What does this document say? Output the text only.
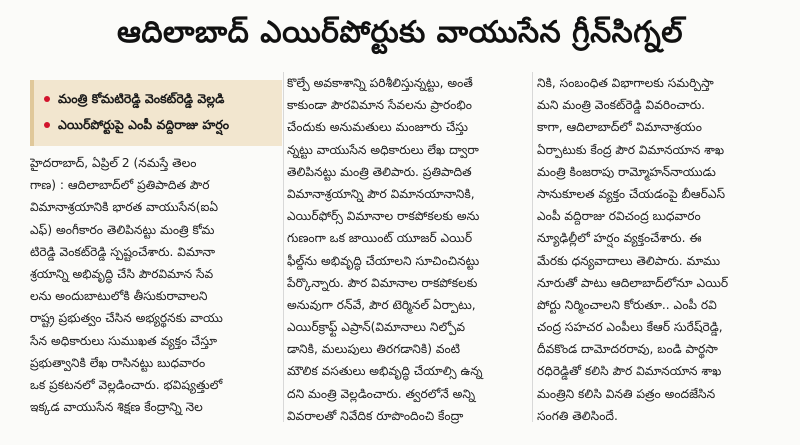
ఆదిలాబాద్ ఎయిర్‌పోర్టుకు వాయుసేన గ్రీన్‌సిగ్నల్
మంత్రి కోమటిరెడ్డి వెంకట్‌రెడ్డి వెల్లడి
ఎయిర్‌పోర్టుపై ఎంపీ వద్దిరాజు హర్షం
హైదరాబాద్, ఏప్రిల్ 2 (నమస్తే తెలం
గాణ) : ఆదిలాబాద్‌లో ప్రతిపాదిత పౌర
విమానాశ్రయానికి భారత వాయుసేన(ఐఏ
ఎఫ్) అంగీకారం తెలిపినట్టు మంత్రి కోమ
టిరెడ్డి వెంకట్‌రెడ్డి స్పష్టంచేశారు. విమానా
శ్రయాన్ని అభివృద్ధి చేసి పౌరవిమాన సేవ
లను అందుబాటులోకి తీసుకురావాలని
రాష్ట్ర ప్రభుత్వం చేసిన అభ్యర్థనకు వాయు
సేన అధికారులు సుముఖత వ్యక్తం చేస్తూ
ప్రభుత్వానికి లేఖ రాసినట్టు బుధవారం
ఒక ప్రకటనలో వెల్లడించారు. భవిష్యత్తులో
ఇక్కడ వాయుసేన శిక్షణ కేంద్రాన్ని నెల
కొల్పే అవకాశాన్ని పరిశీలిస్తున్నట్టు, అంతే
కాకుండా పౌరవిమాన సేవలను ప్రారంభిం
చేందుకు అనుమతులు మంజూరు చేస్తు
న్నట్టు వాయుసేన అధికారులు లేఖ ద్వారా
తెలిపినట్టు మంత్రి తెలిపారు. ప్రతిపాదిత
విమానాశ్రయాన్ని పౌర విమానయానానికి,
ఎయిర్‌ఫోర్స్ విమానాల రాకపోకలకు అను
గుణంగా ఒక జాయింట్ యూజర్ ఎయిర్
ఫీల్డ్‌ను అభివృద్ధి చేయాలని సూచించినట్టు
పేర్కొన్నారు. పౌర విమానాల రాకపోకలకు
అనువుగా రన్‌వే, పౌర టెర్మినల్ ఏర్పాటు,
ఎయిర్‌క్రాఫ్ట్ ఎప్రాన్(విమానాలు నిల్పోవ
డానికి, మలుపులు తిరగడానికి) వంటి
మౌలిక వసతులు అభివృద్ధి చేయాల్సి ఉన్న
దని మంత్రి వెల్లడించారు. త్వరలోనే అన్ని
వివరాలతో నివేదిక రూపొందించి కేంద్రా
నికి, సంబంధిత విభాగాలకు సమర్పిస్తా
మని మంత్రి వెంకట్‌రెడ్డి వివరించారు.
కాగా, ఆదిలాబాద్‌లో విమానాశ్రయం
ఏర్పాటుకు కేంద్ర పౌర విమానయాన శాఖ
మంత్రి కింజరాపు రామ్మోహన్‌నాయుడు
సానుకూలత వ్యక్తం చేయడంపై బీఆర్‌ఎస్
ఎంపీ వద్దిరాజు రవిచంద్ర బుధవారం
న్యూఢిల్లీలో హర్షం వ్యక్తంచేశారు. ఈ
మేరకు ధన్యవాదాలు తెలిపారు. మాము
నూరుతో పాటు ఆదిలాబాద్‌లోనూ ఎయిర్
పోర్టు నిర్మించాలని కోరుతూ.. ఎంపీ రవి
చంద్ర సహచర ఎంపీలు కేఆర్ సురేష్‌రెడ్డి,
దీవకొండ దామోదరరావు, బండి పార్థసా
రధిరెడ్డితో కలిసి పౌర విమానయాన శాఖ
మంత్రిని కలిసి వినతి పత్రం అందజేసిన
సంగతి తెలిసిందే.
